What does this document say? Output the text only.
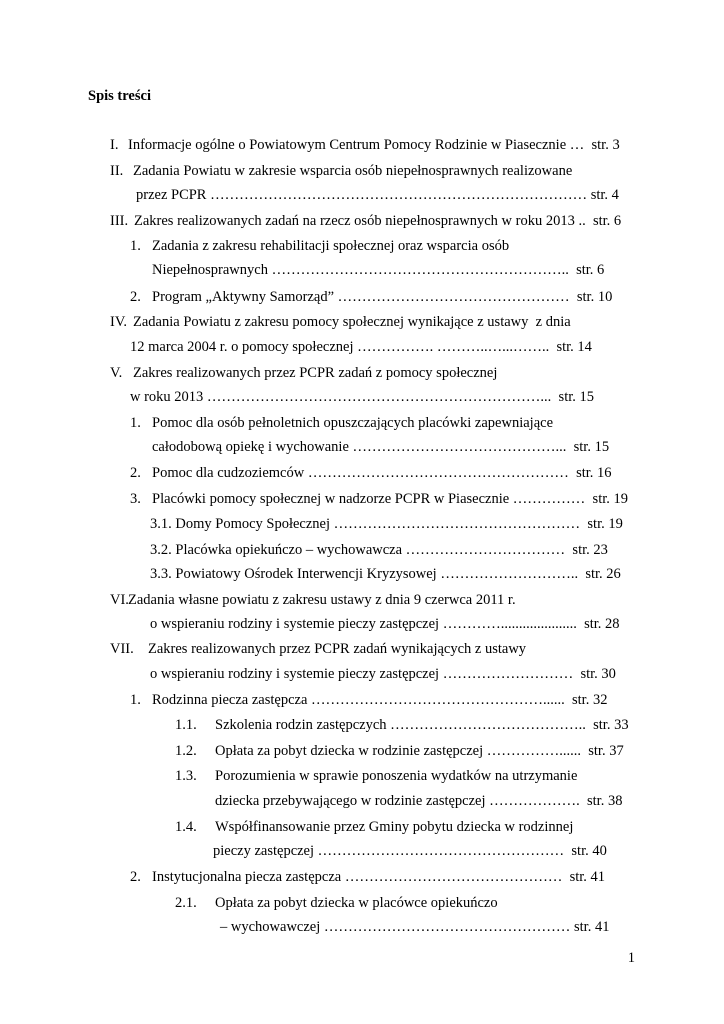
Spis treści
I. Informacje ogólne o Powiatowym Centrum Pomocy Rodzinie w Piasecznie …  str. 3
II. Zadania Powiatu w zakresie wsparcia osób niepełnosprawnych realizowane
przez PCPR …………………………………………………………………… str. 4
III. Zakres realizowanych zadań na rzecz osób niepełnosprawnych w roku 2013 ..  str. 6
1. Zadania z zakresu rehabilitacji społecznej oraz wsparcia osób
Niepełnosprawnych ……………………………………………………..  str. 6
2. Program „Aktywny Samorząd” …………………………………………  str. 10
IV. Zadania Powiatu z zakresu pomocy społecznej wynikające z ustawy  z dnia
12 marca 2004 r. o pomocy społecznej ……………. ………..…...……..  str. 14
V. Zakres realizowanych przez PCPR zadań z pomocy społecznej
w roku 2013 ……………………………………………………………...  str. 15
1. Pomoc dla osób pełnoletnich opuszczających placówki zapewniające
całodobową opiekę i wychowanie ……………………………………...  str. 15
2. Pomoc dla cudzoziemców ………………………………………………  str. 16
3. Placówki pomocy społecznej w nadzorze PCPR w Piasecznie ……………  str. 19
3.1. Domy Pomocy Społecznej ……………………………………………  str. 19
3.2. Placówka opiekuńczo – wychowawcza ……………………………  str. 23
3.3. Powiatowy Ośrodek Interwencji Kryzysowej ………………………..  str. 26
VI. Zadania własne powiatu z zakresu ustawy z dnia 9 czerwca 2011 r.
o wspieraniu rodziny i systemie pieczy zastępczej ………….....................  str. 28
VII. Zakres realizowanych przez PCPR zadań wynikających z ustawy
o wspieraniu rodziny i systemie pieczy zastępczej ………………………  str. 30
1. Rodzinna piecza zastępcza …………………………………………......  str. 32
1.1. Szkolenia rodzin zastępczych …………………………………..  str. 33
1.2. Opłata za pobyt dziecka w rodzinie zastępczej ……………......  str. 37
1.3. Porozumienia w sprawie ponoszenia wydatków na utrzymanie
dziecka przebywającego w rodzinie zastępczej ……………….  str. 38
1.4. Współfinansowanie przez Gminy pobytu dziecka w rodzinnej
pieczy zastępczej ……………………………………………  str. 40
2. Instytucjonalna piecza zastępcza ………………………………………  str. 41
2.1. Opłata za pobyt dziecka w placówce opiekuńczo
– wychowawczej …………………………………………… str. 41
1
